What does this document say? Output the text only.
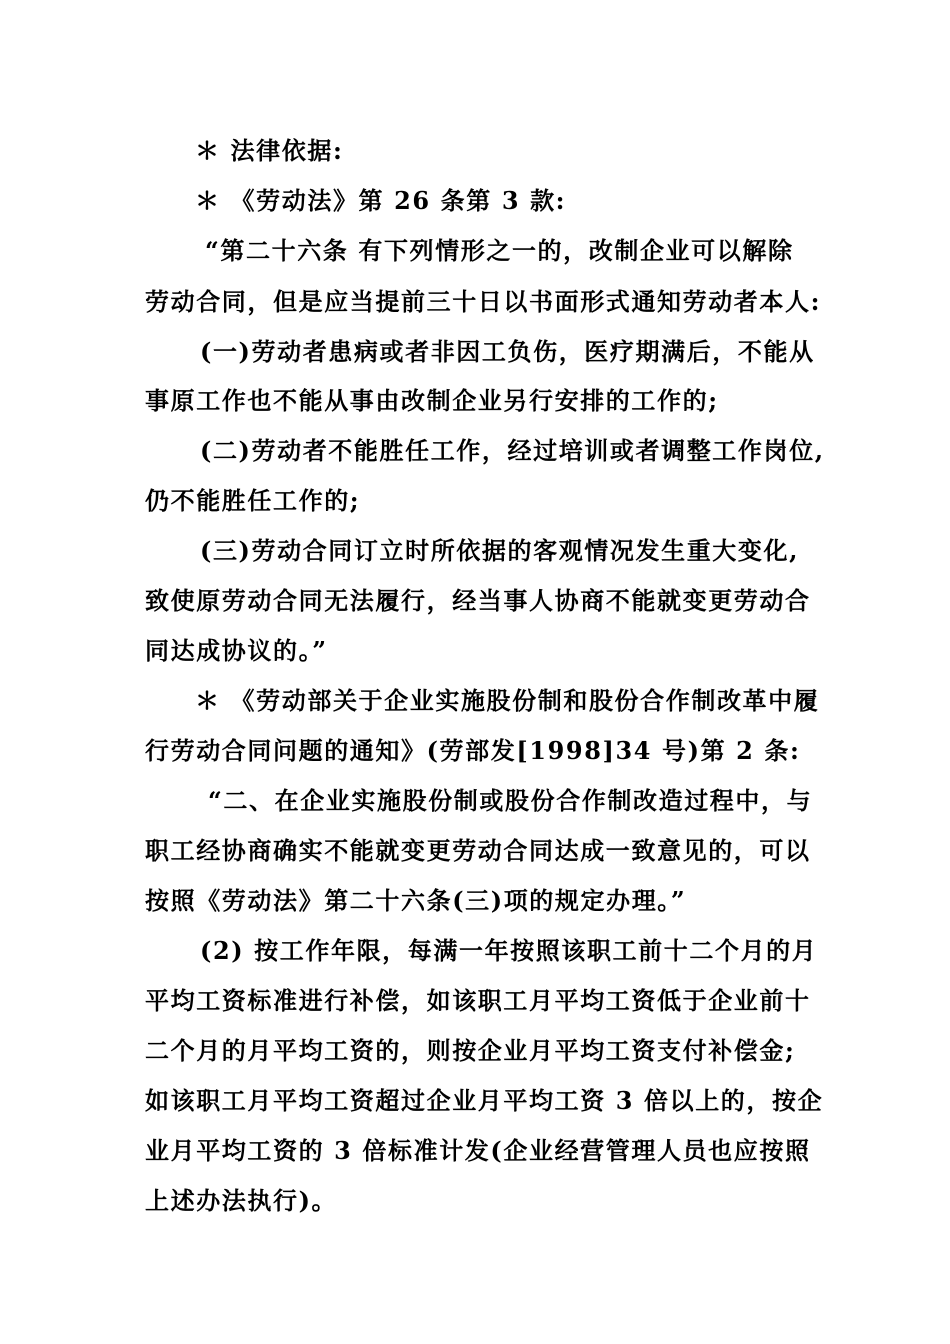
＊ 法律依据:
＊ 《劳动法》第 26 条第 3 款:
“第二十六条 有下列情形之一的，改制企业可以解除
劳动合同，但是应当提前三十日以书面形式通知劳动者本人:
(一)劳动者患病或者非因工负伤，医疗期满后，不能从
事原工作也不能从事由改制企业另行安排的工作的;
(二)劳动者不能胜任工作，经过培训或者调整工作岗位,
仍不能胜任工作的;
(三)劳动合同订立时所依据的客观情况发生重大变化,
致使原劳动合同无法履行，经当事人协商不能就变更劳动合
同达成协议的。”
＊ 《劳动部关于企业实施股份制和股份合作制改革中履
行劳动合同问题的通知》(劳部发[1998]34 号)第 2 条:
“二、在企业实施股份制或股份合作制改造过程中，与
职工经协商确实不能就变更劳动合同达成一致意见的，可以
按照《劳动法》第二十六条(三)项的规定办理。”
(2) 按工作年限，每满一年按照该职工前十二个月的月
平均工资标准进行补偿，如该职工月平均工资低于企业前十
二个月的月平均工资的，则按企业月平均工资支付补偿金;
如该职工月平均工资超过企业月平均工资 3 倍以上的，按企
业月平均工资的 3 倍标准计发(企业经营管理人员也应按照
上述办法执行)。
